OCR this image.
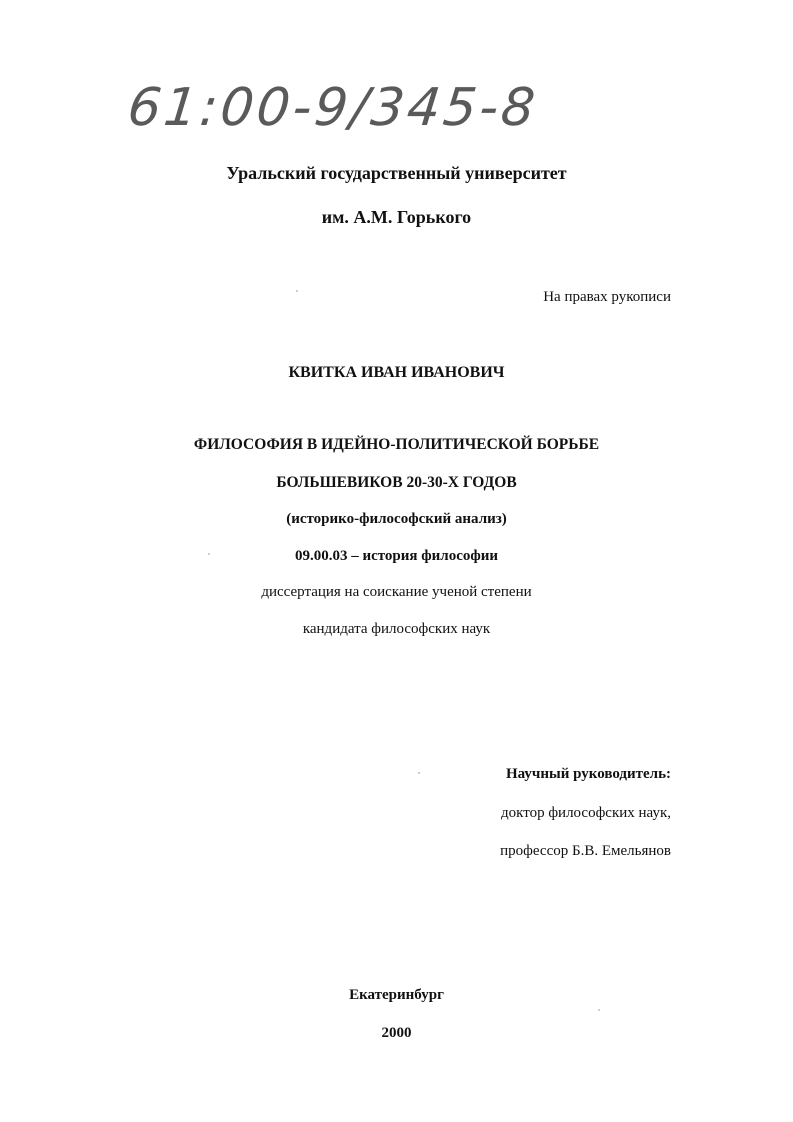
61:00-9/345-8
Уральский государственный университет
им. А.М. Горького
На правах рукописи
КВИТКА ИВАН ИВАНОВИЧ
ФИЛОСОФИЯ В ИДЕЙНО-ПОЛИТИЧЕСКОЙ БОРЬБЕ
БОЛЬШЕВИКОВ 20-30-Х ГОДОВ
(историко-философский анализ)
09.00.03 – история философии
диссертация на соискание ученой степени
кандидата философских наук
Научный руководитель:
доктор философских наук,
профессор Б.В. Емельянов
Екатеринбург
2000
